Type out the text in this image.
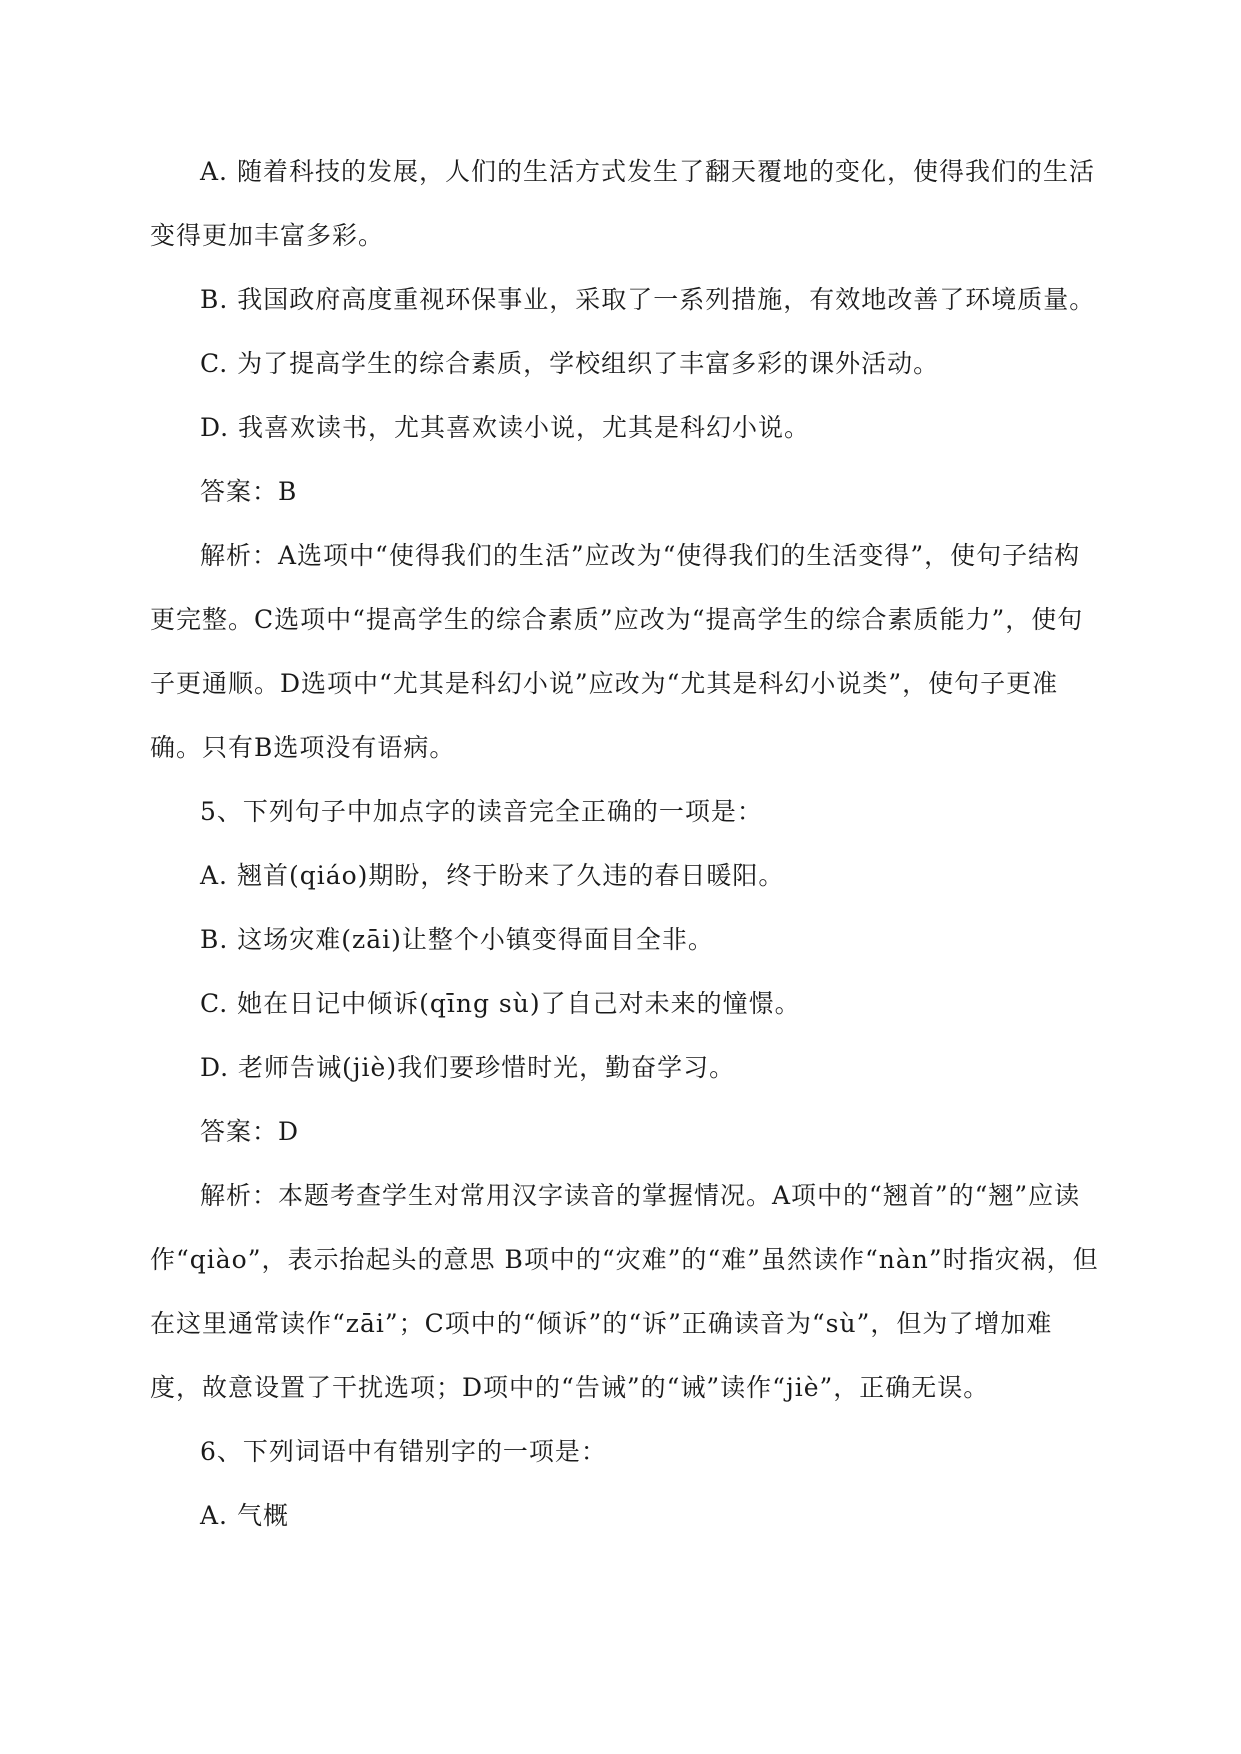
A. 随着科技的发展，人们的生活方式发生了翻天覆地的变化，使得我们的生活变得更加丰富多彩。

B. 我国政府高度重视环保事业，采取了一系列措施，有效地改善了环境质量。

C. 为了提高学生的综合素质，学校组织了丰富多彩的课外活动。

D. 我喜欢读书，尤其喜欢读小说，尤其是科幻小说。

答案：B

解析：A选项中“使得我们的生活”应改为“使得我们的生活变得”，使句子结构更完整。C选项中“提高学生的综合素质”应改为“提高学生的综合素质能力”，使句子更通顺。D选项中“尤其是科幻小说”应改为“尤其是科幻小说类”，使句子更准确。只有B选项没有语病。

5、下列句子中加点字的读音完全正确的一项是：

A. 翘首(qiáo)期盼，终于盼来了久违的春日暖阳。

B. 这场灾难(zāi)让整个小镇变得面目全非。

C. 她在日记中倾诉(qīng sù)了自己对未来的憧憬。

D. 老师告诫(jiè)我们要珍惜时光，勤奋学习。

答案：D

解析：本题考查学生对常用汉字读音的掌握情况。A项中的“翘首”的“翘”应读作“qiào”，表示抬起头的意思 B项中的“灾难”的“难”虽然读作“nàn”时指灾祸，但在这里通常读作“zāi”；C项中的“倾诉”的“诉”正确读音为“sù”，但为了增加难度，故意设置了干扰选项；D项中的“告诫”的“诫”读作“jiè”，正确无误。

6、下列词语中有错别字的一项是：

A. 气概
